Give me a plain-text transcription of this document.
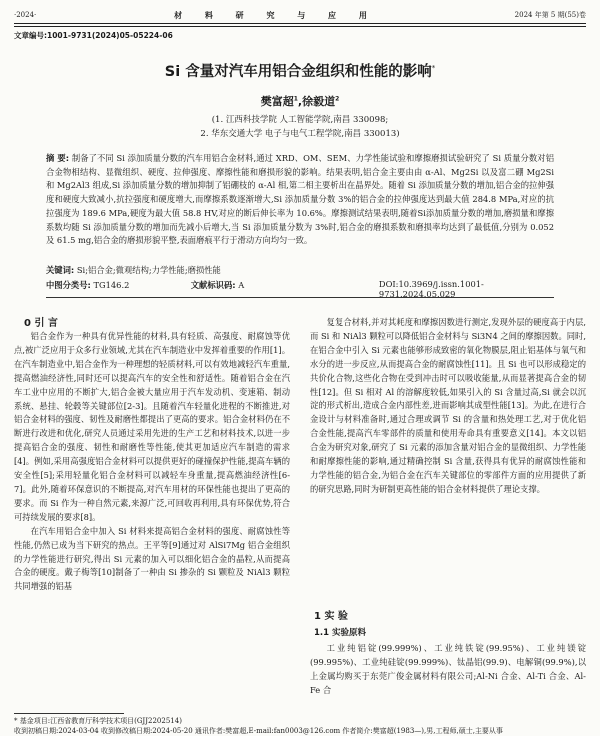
·2024·	材 料 研 究 与 应 用	2024 年第 5 期(55)卷
文章编号:1001-9731(2024)05-05224-06
Si 含量对汽车用铝合金组织和性能的影响*
樊富超$^1$,徐毅道$^2$
(1. 江西科技学院 人工智能学院,南昌 330098;
2. 华东交通大学 电子与电气工程学院,南昌 330013)
摘 要: 制备了不同 Si 添加质量分数的汽车用铝合金材料,通过 XRD、OM、SEM、力学性能试验和摩擦磨损试验研究了 Si 质量分数对铝合金物相结构、显微组织、硬度、拉伸强度、摩擦性能和磨损形貌的影响。结果表明,铝合金主要由由 α-Al、Mg2Si 以及富二硼 Mg2Si 和 Mg2Al3 组成,Si 添加质量分数的增加抑制了铝硼枝的 α-Al 相,第二相主要析出在晶界处。随着 Si 添加质量分数的增加,铝合金的拉伸强度和硬度大致减小,抗拉强度和硬度增大,而摩擦系数逐渐增大,Si 添加质量分数 3%的铝合金的拉伸强度达到最大值 284.8 MPa,对应的抗拉强度为 189.6 MPa,硬度为最大值 58.8 HV,对应的断后伸长率为 10.6%。摩擦测试结果表明,随着Si添加质量分数的增加,磨损量和摩擦系数均随 Si 添加质量分数的增加而先减小后增大,当 Si 添加质量分数为 3%时,铝合金的磨损系数和磨损率均达到了最低值,分别为 0.052 及 61.5 mg,铝合金的磨损形貌平整,表面磨痕平行于滑动方向均匀一致。
关键词: Si;铝合金;微观结构;力学性能;磨损性能
中图分类号: TG146.2	文献标识码: A	DOI:10.3969/j.issn.1001-9731.2024.05.029
0 引 言

铝合金作为一种具有优异性能的材料,具有轻质、高强度、耐腐蚀等优点,被广泛应用于众多行业领域,尤其在汽车制造业中发挥着重要的作用[1]。在汽车制造业中,铝合金作为一种理想的轻质材料,可以有效地减轻汽车重量,提高燃油经济性,同时还可以提高汽车的安全性和舒适性。随着铝合金在汽车工业中应用的不断扩大,铝合金被大量应用于汽车发动机、变速箱、制动系统、悬挂、轮毂等关键部位[2-3]。且随着汽车轻量化进程的不断推进,对铝合金材料的强度、韧性及耐磨性都提出了更高的要求。铝合金材料仍在不断进行改进和优化,研究人员通过采用先进的生产工艺和材料技术,以进一步提高铝合金的强度、韧性和耐磨性等性能,使其更加适应汽车制造的需求[4]。例如,采用高强度铝合金材料可以提供更好的碰撞保护性能,提高车辆的安全性[5];采用轻量化铝合金材料可以减轻车身重量,提高燃油经济性[6-7]。此外,随着环保意识的不断提高,对汽车用材的环保性能也提出了更高的要求。而 Si 作为一种自然元素,来源广泛,可回收再利用,具有环保优势,符合可持续发展的要求[8]。

在汽车用铝合金中加入 Si 材料来提高铝合金材料的强度、耐腐蚀性等性能,仍然已成为当下研究的热点。王平等[9]通过对 AlSi7Mg 铝合金组织的力学性能进行研究,得出 Si 元素的加入可以细化铝合金的晶粒,从而提高合金的硬度。戴子梅等[10]制备了一种由 Si 掺杂的 Si 颗粒及 NiAl3 颗粒共同增强的铝基

复复合材料,并对其耗度和摩擦因数进行测定,发现外层的硬度高于内层,而 Si 和 NiAl3 颗粒可以降低铝合金材料与 Si3N4 之间的摩擦因数。同时,在铝合金中引入 Si 元素也能够形成致密的氧化物膜层,阻止铝基体与氧气和水分的进一步反应,从而提高合金的耐腐蚀性[11]。且 Si 也可以形成稳定的共价化合物,这些化合物在受到冲击时可以吸收能量,从而显著提高合金的韧性[12]。但 Si 相对 Al 的溶解度较低,如果引入的 Si 含量过高,Si 就会以沉淀的形式析出,造成合金内部性差,进而影响其成型性能[13]。为此,在进行合金设计与材料准备时,通过合理或调节 Si 的含量和热处理工艺,对于优化铝合金性能,提高汽车零部件的质量和使用寿命具有重要意义[14]。本文以铝合金为研究对象,研究了 Si 元素的添加含量对铝合金的显微组织、力学性能和耐摩擦性能的影响,通过精确控制 Si 含量,获得具有优异的耐腐蚀性能和力学性能的铝合金,为铝合金在汽车关键部位的零部件方面的应用提供了新的研究思路,同时为研制更高性能的铝合金材料提供了理论支撑。

1 实 验
1.1 实验原料

工业纯铝锭(99.999%)、工业纯铁锭(99.95%)、工业纯镁锭(99.995%)、工业纯硅锭(99.999%)、钛晶铝(99.9)、电解铜(99.9%),以上金属均购买于东莞广俊金属材料有限公司;Al-Ni 合金、Al-Ti 合金、Al-Fe 合

* 基金项目:江西省教育厅科学技术项目(GJJ2202514)
收到初稿日期:2024-03-04 收到修改稿日期:2024-05-20 通讯作者:樊富超,E-mail:fan0003@126.com 作者简介:樊富超(1983—),男,工程师,硕士,主要从事
